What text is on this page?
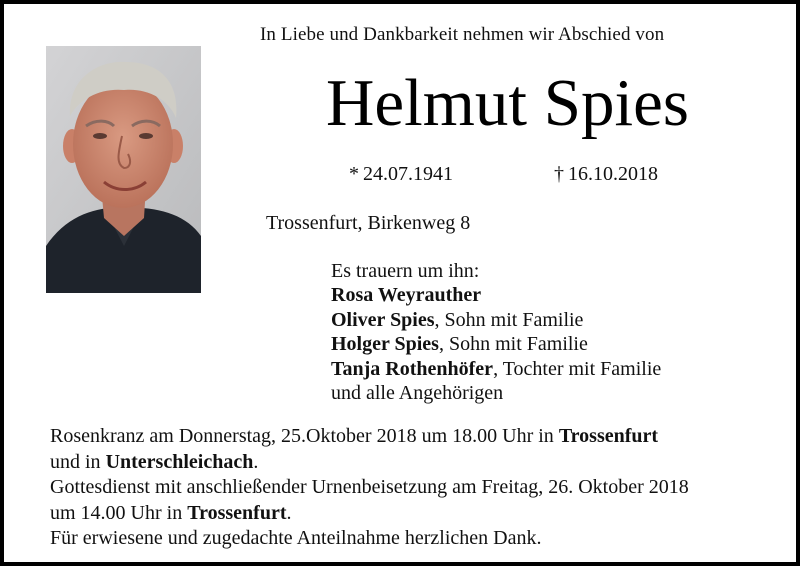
In Liebe und Dankbarkeit nehmen wir Abschied von
Helmut Spies
* 24.07.1941	† 16.10.2018
Trossenfurt, Birkenweg 8
Es trauern um ihn:
Rosa Weyrauther
Oliver Spies, Sohn mit Familie
Holger Spies, Sohn mit Familie
Tanja Rothenhöfer, Tochter mit Familie
und alle Angehörigen
Rosenkranz am Donnerstag, 25.Oktober 2018 um 18.00 Uhr in Trossenfurt
und in Unterschleichach.
Gottesdienst mit anschließender Urnenbeisetzung am Freitag, 26. Oktober 2018
um 14.00 Uhr in Trossenfurt.
Für erwiesene und zugedachte Anteilnahme herzlichen Dank.
